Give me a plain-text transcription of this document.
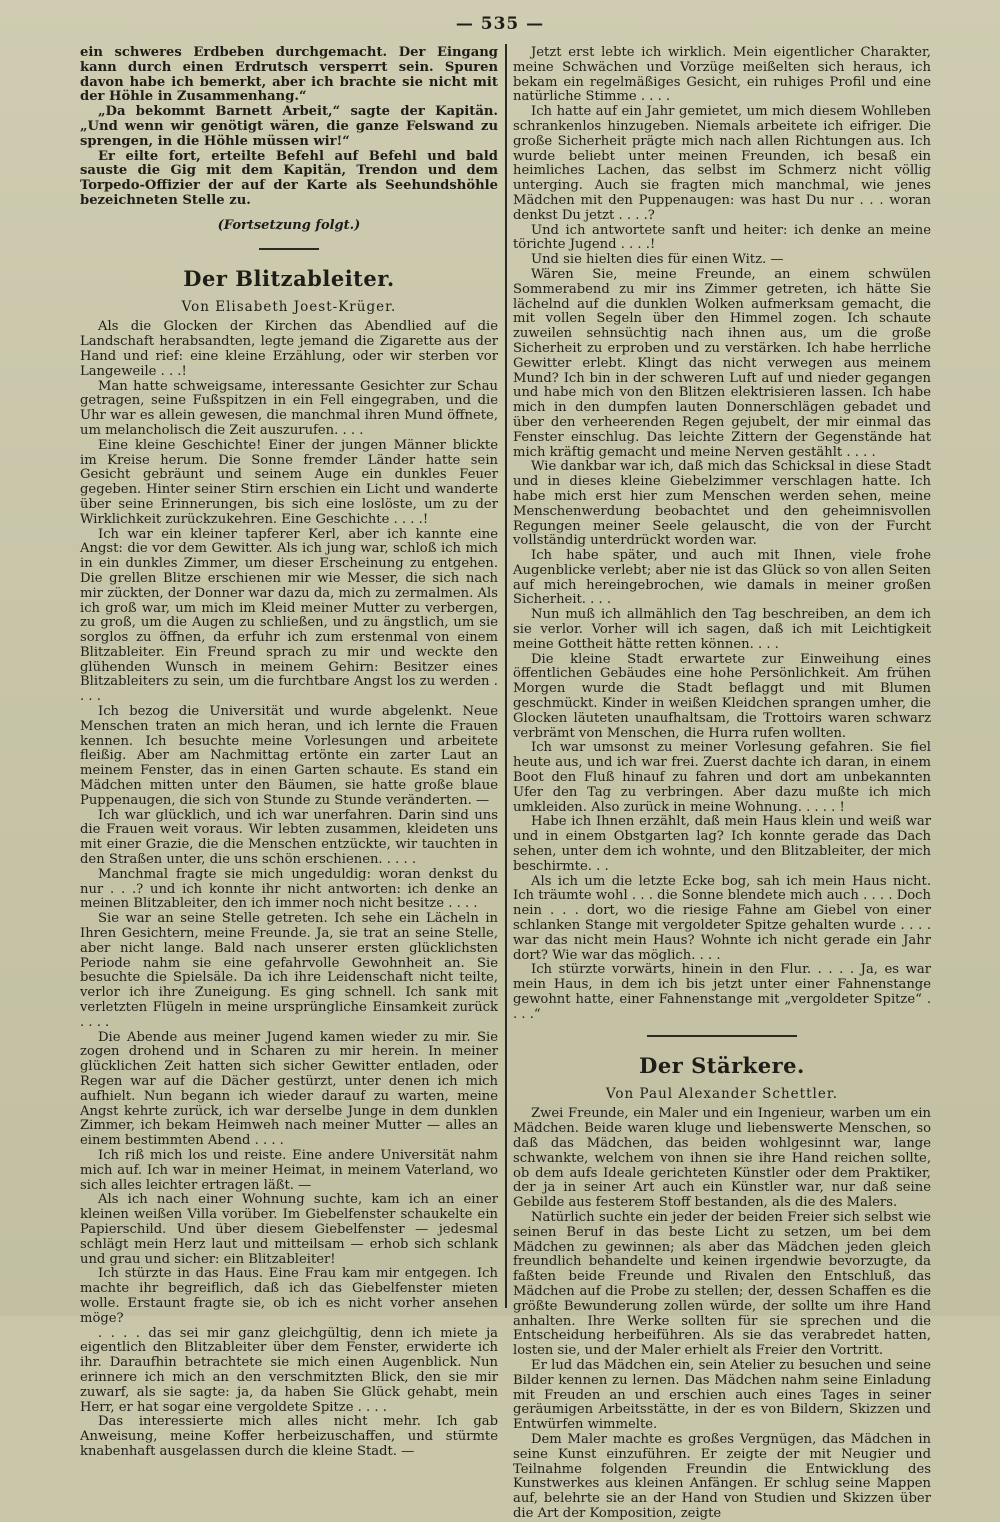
— 535 —

ein schweres Erdbeben durchgemacht. Der Eingang kann durch einen Erdrutsch versperrt sein. Spuren davon habe ich bemerkt, aber ich brachte sie nicht mit der Höhle in Zusammenhang.“

„Da bekommt Barnett Arbeit,“ sagte der Kapitän. „Und wenn wir genötigt wären, die ganze Felswand zu sprengen, in die Höhle müssen wir!“

Er eilte fort, erteilte Befehl auf Befehl und bald sauste die Gig mit dem Kapitän, Trendon und dem Torpedo-Offizier der auf der Karte als Seehundshöhle bezeichneten Stelle zu.

(Fortsetzung folgt.)
Der Blitzableiter.
Von Elisabeth Joest-Krüger.

Als die Glocken der Kirchen das Abendlied auf die Landschaft herabsandten, legte jemand die Zigarette aus der Hand und rief: eine kleine Erzählung, oder wir sterben vor Langeweile . . .!

Man hatte schweigsame, interessante Gesichter zur Schau getragen, seine Fußspitzen in ein Fell eingegraben, und die Uhr war es allein gewesen, die manchmal ihren Mund öffnete, um melancholisch die Zeit auszurufen. . . .

Eine kleine Geschichte! Einer der jungen Männer blickte im Kreise herum. Die Sonne fremder Länder hatte sein Gesicht gebräunt und seinem Auge ein dunkles Feuer gegeben. Hinter seiner Stirn erschien ein Licht und wanderte über seine Erinnerungen, bis sich eine loslöste, um zu der Wirklichkeit zurückzukehren. Eine Geschichte . . . .!

Ich war ein kleiner tapferer Kerl, aber ich kannte eine Angst: die vor dem Gewitter. Als ich jung war, schloß ich mich in ein dunkles Zimmer, um dieser Erscheinung zu entgehen. Die grellen Blitze erschienen mir wie Messer, die sich nach mir zückten, der Donner war dazu da, mich zu zermalmen. Als ich groß war, um mich im Kleid meiner Mutter zu verbergen, zu groß, um die Augen zu schließen, und zu ängstlich, um sie sorglos zu öffnen, da erfuhr ich zum erstenmal von einem Blitzableiter. Ein Freund sprach zu mir und weckte den glühenden Wunsch in meinem Gehirn: Besitzer eines Blitzableiters zu sein, um die furchtbare Angst los zu werden . . . .

Ich bezog die Universität und wurde abgelenkt. Neue Menschen traten an mich heran, und ich lernte die Frauen kennen. Ich besuchte meine Vorlesungen und arbeitete fleißig. Aber am Nachmittag ertönte ein zarter Laut an meinem Fenster, das in einen Garten schaute. Es stand ein Mädchen mitten unter den Bäumen, sie hatte große blaue Puppenaugen, die sich von Stunde zu Stunde veränderten. —

Ich war glücklich, und ich war unerfahren. Darin sind uns die Frauen weit voraus. Wir lebten zusammen, kleideten uns mit einer Grazie, die die Menschen entzückte, wir tauchten in den Straßen unter, die uns schön erschienen. . . . .

Manchmal fragte sie mich ungeduldig: woran denkst du nur . . .? und ich konnte ihr nicht antworten: ich denke an meinen Blitzableiter, den ich immer noch nicht besitze . . . .

Sie war an seine Stelle getreten. Ich sehe ein Lächeln in Ihren Gesichtern, meine Freunde. Ja, sie trat an seine Stelle, aber nicht lange. Bald nach unserer ersten glücklichsten Periode nahm sie eine gefahrvolle Gewohnheit an. Sie besuchte die Spielsäle. Da ich ihre Leidenschaft nicht teilte, verlor ich ihre Zuneigung. Es ging schnell. Ich sank mit verletzten Flügeln in meine ursprüngliche Einsamkeit zurück . . . .

Die Abende aus meiner Jugend kamen wieder zu mir. Sie zogen drohend und in Scharen zu mir herein. In meiner glücklichen Zeit hatten sich sicher Gewitter entladen, oder Regen war auf die Dächer gestürzt, unter denen ich mich aufhielt. Nun begann ich wieder darauf zu warten, meine Angst kehrte zurück, ich war derselbe Junge in dem dunklen Zimmer, ich bekam Heimweh nach meiner Mutter — alles an einem bestimmten Abend . . . .

Ich riß mich los und reiste. Eine andere Universität nahm mich auf. Ich war in meiner Heimat, in meinem Vaterland, wo sich alles leichter ertragen läßt. —

Als ich nach einer Wohnung suchte, kam ich an einer kleinen weißen Villa vorüber. Im Giebelfenster schaukelte ein Papierschild. Und über diesem Giebelfenster — jedesmal schlägt mein Herz laut und mitteilsam — erhob sich schlank und grau und sicher: ein Blitzableiter!

Ich stürzte in das Haus. Eine Frau kam mir entgegen. Ich machte ihr begreiflich, daß ich das Giebelfenster mieten wolle. Erstaunt fragte sie, ob ich es nicht vorher ansehen möge?

. . . . das sei mir ganz gleichgültig, denn ich miete ja eigentlich den Blitzableiter über dem Fenster, erwiderte ich ihr. Daraufhin betrachtete sie mich einen Augenblick. Nun erinnere ich mich an den verschmitzten Blick, den sie mir zuwarf, als sie sagte: ja, da haben Sie Glück gehabt, mein Herr, er hat sogar eine vergoldete Spitze . . . .

Das interessierte mich alles nicht mehr. Ich gab Anweisung, meine Koffer herbeizuschaffen, und stürmte knabenhaft ausgelassen durch die kleine Stadt. —

Jetzt erst lebte ich wirklich. Mein eigentlicher Charakter, meine Schwächen und Vorzüge meißelten sich heraus, ich bekam ein regelmäßiges Gesicht, ein ruhiges Profil und eine natürliche Stimme . . . .

Ich hatte auf ein Jahr gemietet, um mich diesem Wohlleben schrankenlos hinzugeben. Niemals arbeitete ich eifriger. Die große Sicherheit prägte mich nach allen Richtungen aus. Ich wurde beliebt unter meinen Freunden, ich besaß ein heimliches Lachen, das selbst im Schmerz nicht völlig unterging. Auch sie fragten mich manchmal, wie jenes Mädchen mit den Puppenaugen: was hast Du nur . . . woran denkst Du jetzt . . . .?

Und ich antwortete sanft und heiter: ich denke an meine törichte Jugend . . . .!

Und sie hielten dies für einen Witz. —

Wären Sie, meine Freunde, an einem schwülen Sommerabend zu mir ins Zimmer getreten, ich hätte Sie lächelnd auf die dunklen Wolken aufmerksam gemacht, die mit vollen Segeln über den Himmel zogen. Ich schaute zuweilen sehnsüchtig nach ihnen aus, um die große Sicherheit zu erproben und zu verstärken. Ich habe herrliche Gewitter erlebt. Klingt das nicht verwegen aus meinem Mund? Ich bin in der schweren Luft auf und nieder gegangen und habe mich von den Blitzen elektrisieren lassen. Ich habe mich in den dumpfen lauten Donnerschlägen gebadet und über den verheerenden Regen gejubelt, der mir einmal das Fenster einschlug. Das leichte Zittern der Gegenstände hat mich kräftig gemacht und meine Nerven gestählt . . . .

Wie dankbar war ich, daß mich das Schicksal in diese Stadt und in dieses kleine Giebelzimmer verschlagen hatte. Ich habe mich erst hier zum Menschen werden sehen, meine Menschenwerdung beobachtet und den geheimnisvollen Regungen meiner Seele gelauscht, die von der Furcht vollständig unterdrückt worden war.

Ich habe später, und auch mit Ihnen, viele frohe Augenblicke verlebt; aber nie ist das Glück so von allen Seiten auf mich hereingebrochen, wie damals in meiner großen Sicherheit. . . .

Nun muß ich allmählich den Tag beschreiben, an dem ich sie verlor. Vorher will ich sagen, daß ich mit Leichtigkeit meine Gottheit hätte retten können. . . .

Die kleine Stadt erwartete zur Einweihung eines öffentlichen Gebäudes eine hohe Persönlichkeit. Am frühen Morgen wurde die Stadt beflaggt und mit Blumen geschmückt. Kinder in weißen Kleidchen sprangen umher, die Glocken läuteten unaufhaltsam, die Trottoirs waren schwarz verbrämt von Menschen, die Hurra rufen wollten.

Ich war umsonst zu meiner Vorlesung gefahren. Sie fiel heute aus, und ich war frei. Zuerst dachte ich daran, in einem Boot den Fluß hinauf zu fahren und dort am unbekannten Ufer den Tag zu verbringen. Aber dazu mußte ich mich umkleiden. Also zurück in meine Wohnung. . . . . !

Habe ich Ihnen erzählt, daß mein Haus klein und weiß war und in einem Obstgarten lag? Ich konnte gerade das Dach sehen, unter dem ich wohnte, und den Blitzableiter, der mich beschirmte. . .

Als ich um die letzte Ecke bog, sah ich mein Haus nicht. Ich träumte wohl . . . die Sonne blendete mich auch . . . . Doch nein . . . dort, wo die riesige Fahne am Giebel von einer schlanken Stange mit vergoldeter Spitze gehalten wurde . . . . war das nicht mein Haus? Wohnte ich nicht gerade ein Jahr dort? Wie war das möglich. . . .

Ich stürzte vorwärts, hinein in den Flur. . . . . Ja, es war mein Haus, in dem ich bis jetzt unter einer Fahnenstange gewohnt hatte, einer Fahnenstange mit „vergoldeter Spitze“ . . . .“

Der Stärkere.
Von Paul Alexander Schettler.

Zwei Freunde, ein Maler und ein Ingenieur, warben um ein Mädchen. Beide waren kluge und liebenswerte Menschen, so daß das Mädchen, das beiden wohlgesinnt war, lange schwankte, welchem von ihnen sie ihre Hand reichen sollte, ob dem aufs Ideale gerichteten Künstler oder dem Praktiker, der ja in seiner Art auch ein Künstler war, nur daß seine Gebilde aus festerem Stoff bestanden, als die des Malers.

Natürlich suchte ein jeder der beiden Freier sich selbst wie seinen Beruf in das beste Licht zu setzen, um bei dem Mädchen zu gewinnen; als aber das Mädchen jeden gleich freundlich behandelte und keinen irgendwie bevorzugte, da faßten beide Freunde und Rivalen den Entschluß, das Mädchen auf die Probe zu stellen; der, dessen Schaffen es die größte Bewunderung zollen würde, der sollte um ihre Hand anhalten. Ihre Werke sollten für sie sprechen und die Entscheidung herbeiführen. Als sie das verabredet hatten, losten sie, und der Maler erhielt als Freier den Vortritt.

Er lud das Mädchen ein, sein Atelier zu besuchen und seine Bilder kennen zu lernen. Das Mädchen nahm seine Einladung mit Freuden an und erschien auch eines Tages in seiner geräumigen Arbeitsstätte, in der es von Bildern, Skizzen und Entwürfen wimmelte.

Dem Maler machte es großes Vergnügen, das Mädchen in seine Kunst einzuführen. Er zeigte der mit Neugier und Teilnahme folgenden Freundin die Entwicklung des Kunstwerkes aus kleinen Anfängen. Er schlug seine Mappen auf, belehrte sie an der Hand von Studien und Skizzen über die Art der Komposition, zeigte
